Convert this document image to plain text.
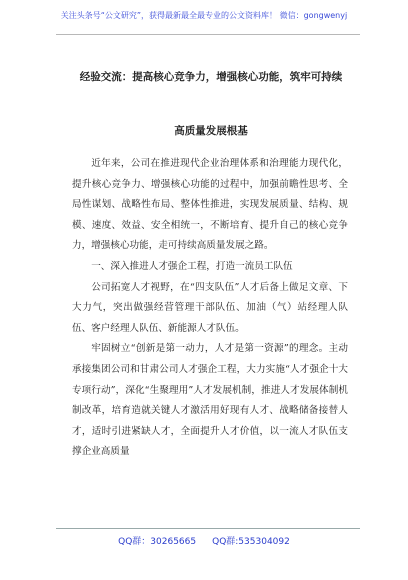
关注头条号“公文研究”，获得最新最全最专业的公文资料库！ 微信：gongwenyj
经验交流：提高核心竞争力，增强核心功能，筑牢可持续
高质量发展根基

近年来，公司在推进现代企业治理体系和治理能力现代化，提升核心竞争力、增强核心功能的过程中，加强前瞻性思考、全局性谋划、战略性布局、整体性推进，实现发展质量、结构、规模、速度、效益、安全相统一，不断培育、提升自己的核心竞争力，增强核心功能，走可持续高质量发展之路。

一、深入推进人才强企工程，打造一流员工队伍

公司拓宽人才视野，在“四支队伍”人才后备上做足文章、下大力气，突出做强经营管理干部队伍、加油（气）站经理人队伍、客户经理人队伍、新能源人才队伍。

牢固树立“创新是第一动力，人才是第一资源”的理念。主动承接集团公司和甘肃公司人才强企工程，大力实施“人才强企十大专项行动”，深化“生聚理用”人才发展机制，推进人才发展体制机制改革，培育造就关键人才激活用好现有人才、战略储备接替人才，适时引进紧缺人才，全面提升人才价值，以一流人才队伍支撑企业高质量

QQ群：30265665 QQ群:535304092
